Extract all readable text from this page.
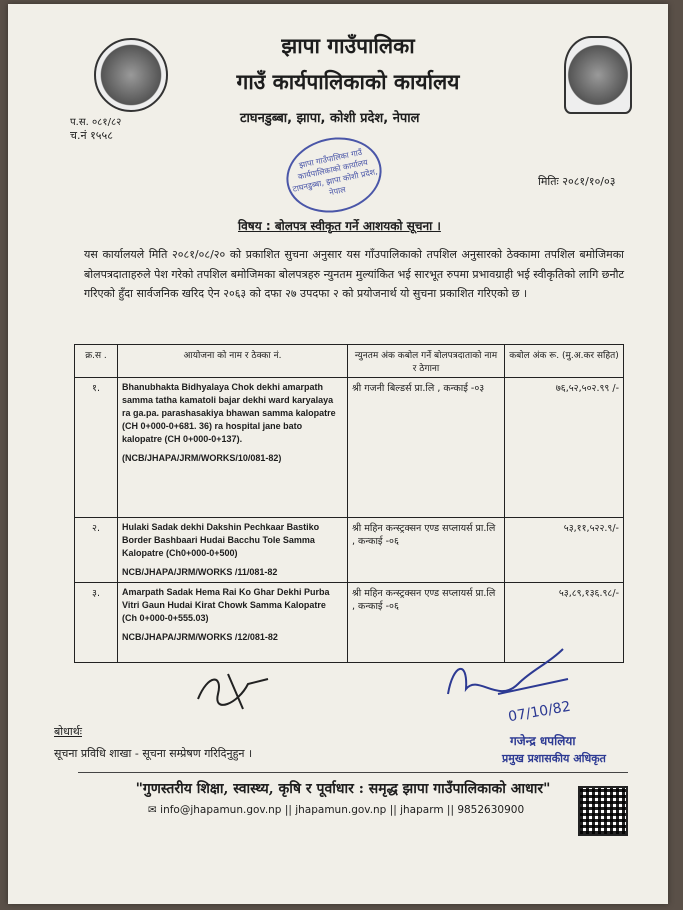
झापा गाउँपालिका
गाउँ कार्यपालिकाको कार्यालय
टाघनडुब्बा, झापा, कोशी प्रदेश, नेपाल
प.स. ०८१/८२
च.नं १५५८
झापा गाउँपालिका गाउँ कार्यपालिकाको कार्यालय टाघनडुब्बा, झापा कोशी प्रदेश, नेपाल
मितिः २०८१/१०/०३
विषय : बोलपत्र स्वीकृत गर्ने आशयको सूचना ।
यस कार्यालयले मिति २०८१/०८/२० को प्रकाशित सुचना अनुसार यस गाँउपालिकाको तपशिल अनुसारको ठेक्कामा तपशिल बमोजिमका बोलपत्रदाताहरुले पेश गरेको तपशिल बमोजिमका बोलपत्रहरु न्युनतम मुल्यांकित भई सारभूत रुपमा प्रभावग्राही भई स्वीकृतिको लागि छनौट गरिएको हुँदा सार्वजनिक खरिद ऐन २०६३ को दफा २७ उपदफा २ को प्रयोजनार्थ यो सुचना प्रकाशित गरिएको छ ।
क्र.स .	आयोजना को नाम र ठेक्का नं.	न्युनतम अंक कबोल गर्ने बोलपत्रदाताको नाम र ठेगाना	कबोल अंक रू. (मु.अ.कर सहित)
१.	Bhanubhakta Bidhyalaya Chok dekhi amarpath samma tatha kamatoli bajar dekhi ward karyalaya ra ga.pa. parashasakiya bhawan samma kalopatre (CH 0+000-0+681. 36) ra hospital jane bato kalopatre (CH 0+000-0+137).
(NCB/JHAPA/JRM/WORKS/10/081-82)	श्री गजनी बिल्डर्स प्रा.लि , कन्काई -०३	७६,५२,५०२.९९ /-
२.	Hulaki Sadak dekhi Dakshin Pechkaar Bastiko Border Bashbaari Hudai Bacchu Tole Samma Kalopatre (Ch0+000-0+500)
NCB/JHAPA/JRM/WORKS /11/081-82	श्री महिन कन्स्ट्रक्सन एण्ड सप्लायर्स प्रा.लि , कन्काई -०६	५३,११,५२२.९/-
३.	Amarpath Sadak Hema Rai Ko Ghar Dekhi Purba Vitri Gaun Hudai Kirat Chowk Samma Kalopatre (Ch 0+000-0+555.03)
NCB/JHAPA/JRM/WORKS /12/081-82	श्री महिन कन्स्ट्रक्सन एण्ड सप्लायर्स प्रा.लि , कन्काई -०६	५३,८९,१३६.९८/-
07/10/82
गजेन्द्र धपलिया
प्रमुख प्रशासकीय अधिकृत
बोधार्थः
सूचना प्रविधि शाखा - सूचना सम्प्रेषण गरिदिनुहुन ।
"गुणस्तरीय शिक्षा, स्वास्थ्य, कृषि र पूर्वाधार : समृद्ध झापा गाउँपालिकाको आधार"
✉ info@jhapamun.gov.np || jhapamun.gov.np || jhaparm || 9852630900
